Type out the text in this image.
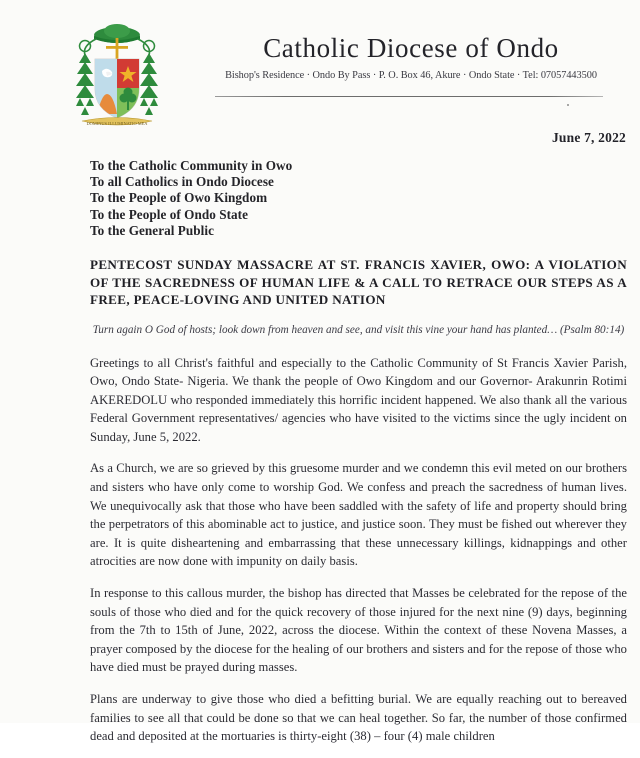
DOMINUS ILLUMINATIO MEA
Catholic Diocese of Ondo
Bishop's Residence · Ondo By Pass · P. O. Box 46, Akure · Ondo State · Tel: 07057443500
June 7, 2022
To the Catholic Community in Owo
To all Catholics in Ondo Diocese
To the People of Owo Kingdom
To the People of Ondo State
To the General Public
PENTECOST SUNDAY MASSACRE AT ST. FRANCIS XAVIER, OWO: A VIOLATION OF THE SACREDNESS OF HUMAN LIFE & A CALL TO RETRACE OUR STEPS AS A FREE, PEACE-LOVING AND UNITED NATION
Turn again O God of hosts; look down from heaven and see, and visit this vine your hand has planted… (Psalm 80:14)

Greetings to all Christ's faithful and especially to the Catholic Community of St Francis Xavier Parish, Owo, Ondo State- Nigeria. We thank the people of Owo Kingdom and our Governor- Arakunrin Rotimi AKEREDOLU who responded immediately this horrific incident happened. We also thank all the various Federal Government representatives/ agencies who have visited to the victims since the ugly incident on Sunday, June 5, 2022.

As a Church, we are so grieved by this gruesome murder and we condemn this evil meted on our brothers and sisters who have only come to worship God. We confess and preach the sacredness of human lives. We unequivocally ask that those who have been saddled with the safety of life and property should bring the perpetrators of this abominable act to justice, and justice soon. They must be fished out wherever they are. It is quite disheartening and embarrassing that these unnecessary killings, kidnappings and other atrocities are now done with impunity on daily basis.

In response to this callous murder, the bishop has directed that Masses be celebrated for the repose of the souls of those who died and for the quick recovery of those injured for the next nine (9) days, beginning from the 7th to 15th of June, 2022, across the diocese. Within the context of these Novena Masses, a prayer composed by the diocese for the healing of our brothers and sisters and for the repose of those who have died must be prayed during masses.

Plans are underway to give those who died a befitting burial. We are equally reaching out to bereaved families to see all that could be done so that we can heal together. So far, the number of those confirmed dead and deposited at the mortuaries is thirty-eight (38) – four (4) male children
